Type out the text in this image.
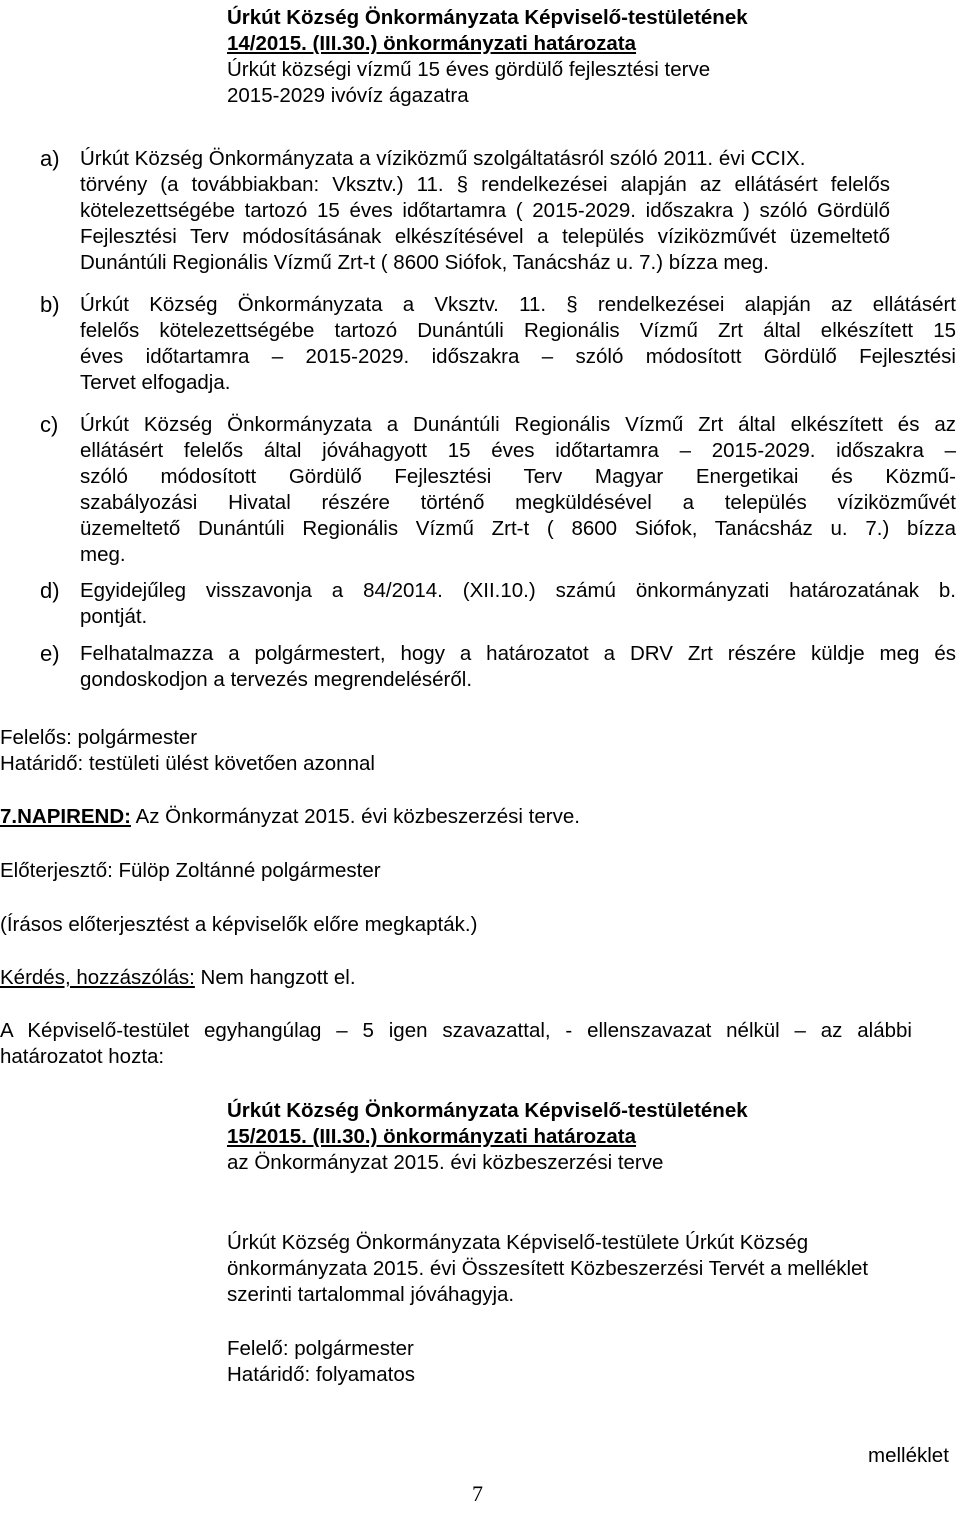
Úrkút Község Önkormányzata Képviselő-testületének
14/2015. (III.30.) önkormányzati határozata
Úrkút községi vízmű 15 éves gördülő fejlesztési terve
2015-2029 ivóvíz ágazatra
a) Úrkút Község Önkormányzata a víziközmű szolgáltatásról szóló 2011. évi CCIX.
törvény (a továbbiakban: Vksztv.) 11. § rendelkezései alapján az ellátásért felelős
kötelezettségébe tartozó 15 éves időtartamra ( 2015-2029. időszakra ) szóló Gördülő
Fejlesztési Terv módosításának elkészítésével a település víziközművét üzemeltető
Dunántúli Regionális Vízmű Zrt-t ( 8600 Siófok, Tanácsház u. 7.) bízza meg.
b) Úrkút Község Önkormányzata a Vksztv. 11. § rendelkezései alapján az ellátásért
felelős kötelezettségébe tartozó Dunántúli Regionális Vízmű Zrt által elkészített 15
éves időtartamra – 2015-2029. időszakra – szóló módosított Gördülő Fejlesztési
Tervet elfogadja.
c) Úrkút Község Önkormányzata a Dunántúli Regionális Vízmű Zrt által elkészített és az
ellátásért felelős által jóváhagyott 15 éves időtartamra – 2015-2029. időszakra –
szóló módosított Gördülő Fejlesztési Terv Magyar Energetikai és Közmű-
szabályozási Hivatal részére történő megküldésével a település víziközművét
üzemeltető Dunántúli Regionális Vízmű Zrt-t ( 8600 Siófok, Tanácsház u. 7.) bízza
meg.
d) Egyidejűleg visszavonja a 84/2014. (XII.10.) számú önkormányzati határozatának b.
pontját.
e) Felhatalmazza a polgármestert, hogy a határozatot a DRV Zrt részére küldje meg és
gondoskodjon a tervezés megrendeléséről.
Felelős: polgármester
Határidő: testületi ülést követően azonnal
7.NAPIREND: Az Önkormányzat 2015. évi közbeszerzési terve.
Előterjesztő: Fülöp Zoltánné polgármester
(Írásos előterjesztést a képviselők előre megkapták.)
Kérdés, hozzászólás: Nem hangzott el.
A Képviselő-testület egyhangúlag – 5 igen szavazattal, - ellenszavazat nélkül – az alábbi
határozatot hozta:
Úrkút Község Önkormányzata Képviselő-testületének
15/2015. (III.30.) önkormányzati határozata
az Önkormányzat 2015. évi közbeszerzési terve
Úrkút Község Önkormányzata Képviselő-testülete Úrkút Község
önkormányzata 2015. évi Összesített Közbeszerzési Tervét a melléklet
szerinti tartalommal jóváhagyja.
Felelő: polgármester
Határidő: folyamatos
melléklet
7
